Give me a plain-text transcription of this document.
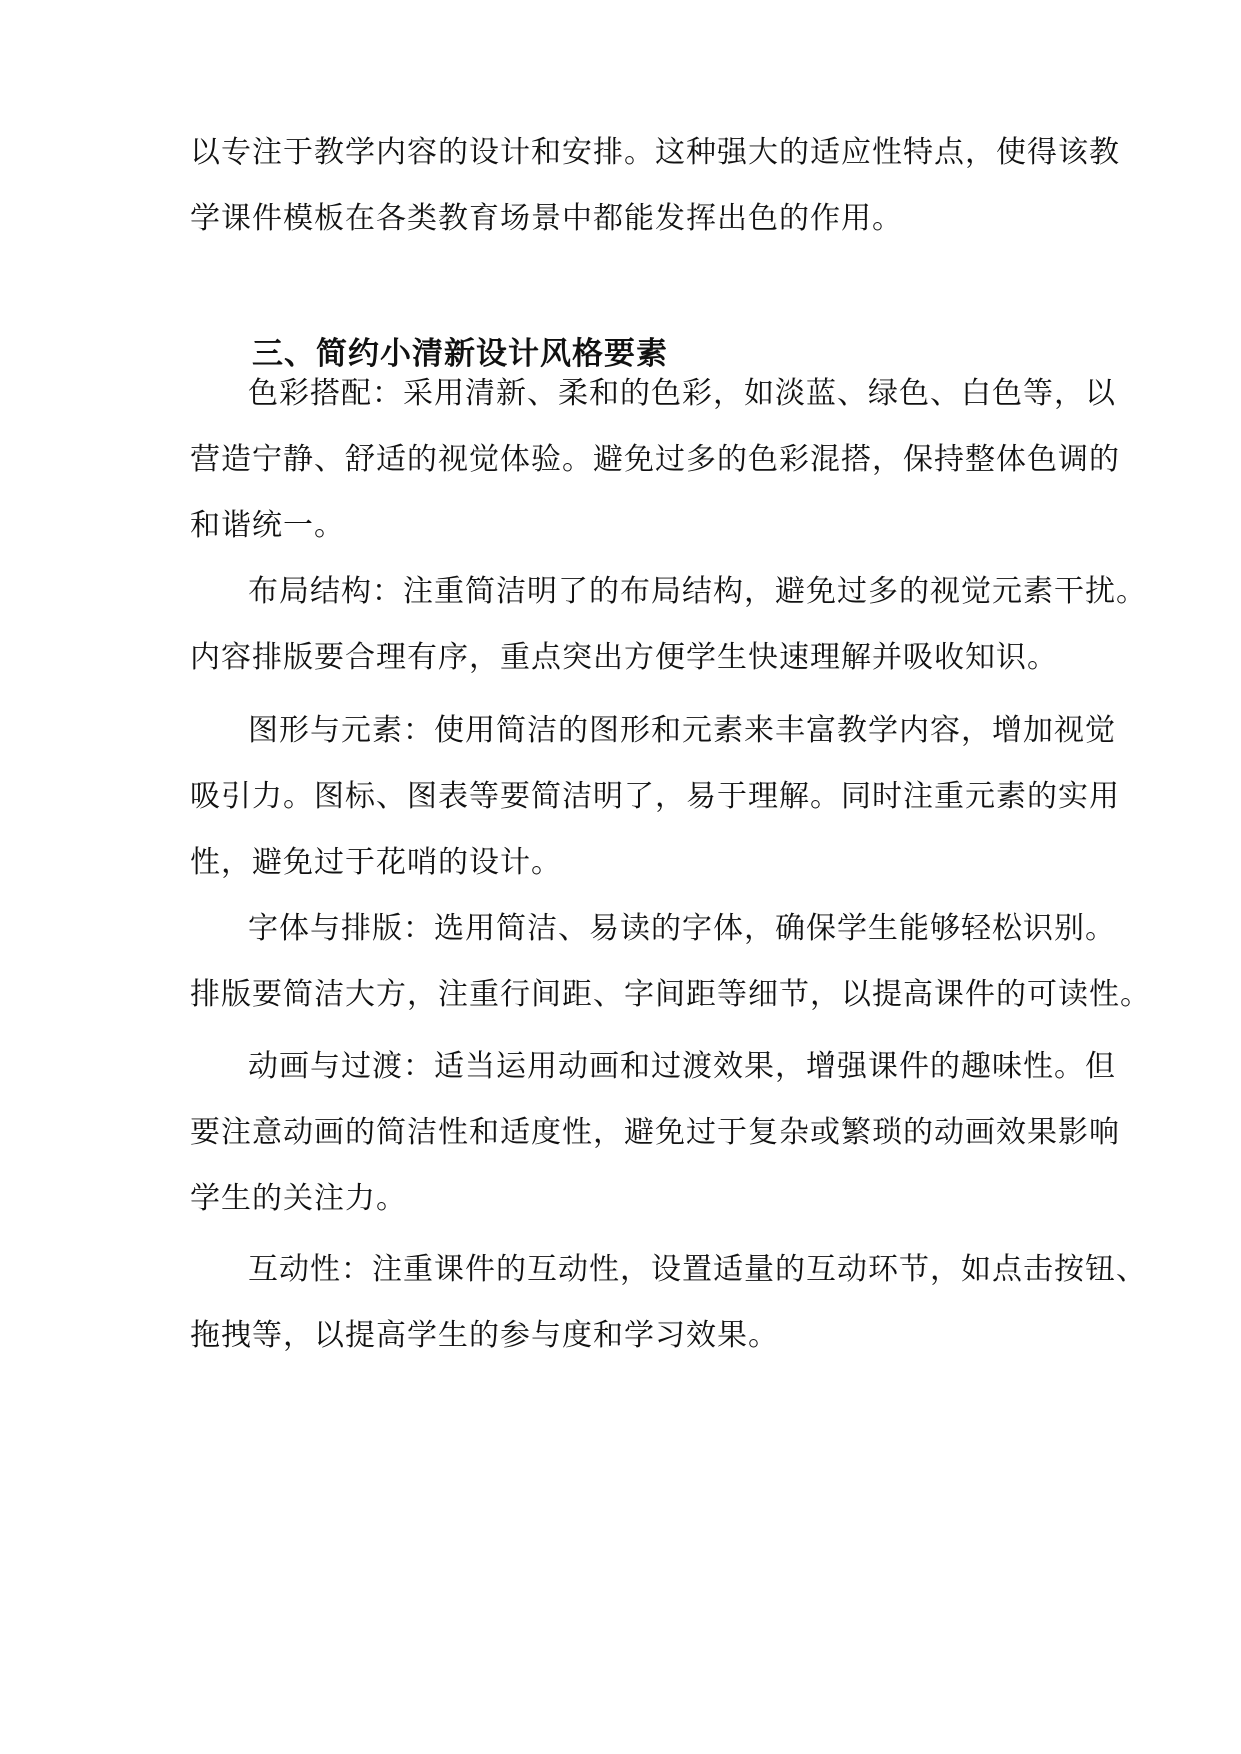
以专注于教学内容的设计和安排。这种强大的适应性特点，使得该教
学课件模板在各类教育场景中都能发挥出色的作用。
三、简约小清新设计风格要素
色彩搭配：采用清新、柔和的色彩，如淡蓝、绿色、白色等，以
营造宁静、舒适的视觉体验。避免过多的色彩混搭，保持整体色调的
和谐统一。
布局结构：注重简洁明了的布局结构，避免过多的视觉元素干扰。
内容排版要合理有序，重点突出方便学生快速理解并吸收知识。
图形与元素：使用简洁的图形和元素来丰富教学内容，增加视觉
吸引力。图标、图表等要简洁明了，易于理解。同时注重元素的实用
性，避免过于花哨的设计。
字体与排版：选用简洁、易读的字体，确保学生能够轻松识别。
排版要简洁大方，注重行间距、字间距等细节，以提高课件的可读性。
动画与过渡：适当运用动画和过渡效果，增强课件的趣味性。但
要注意动画的简洁性和适度性，避免过于复杂或繁琐的动画效果影响
学生的关注力。
互动性：注重课件的互动性，设置适量的互动环节，如点击按钮、
拖拽等，以提高学生的参与度和学习效果。
